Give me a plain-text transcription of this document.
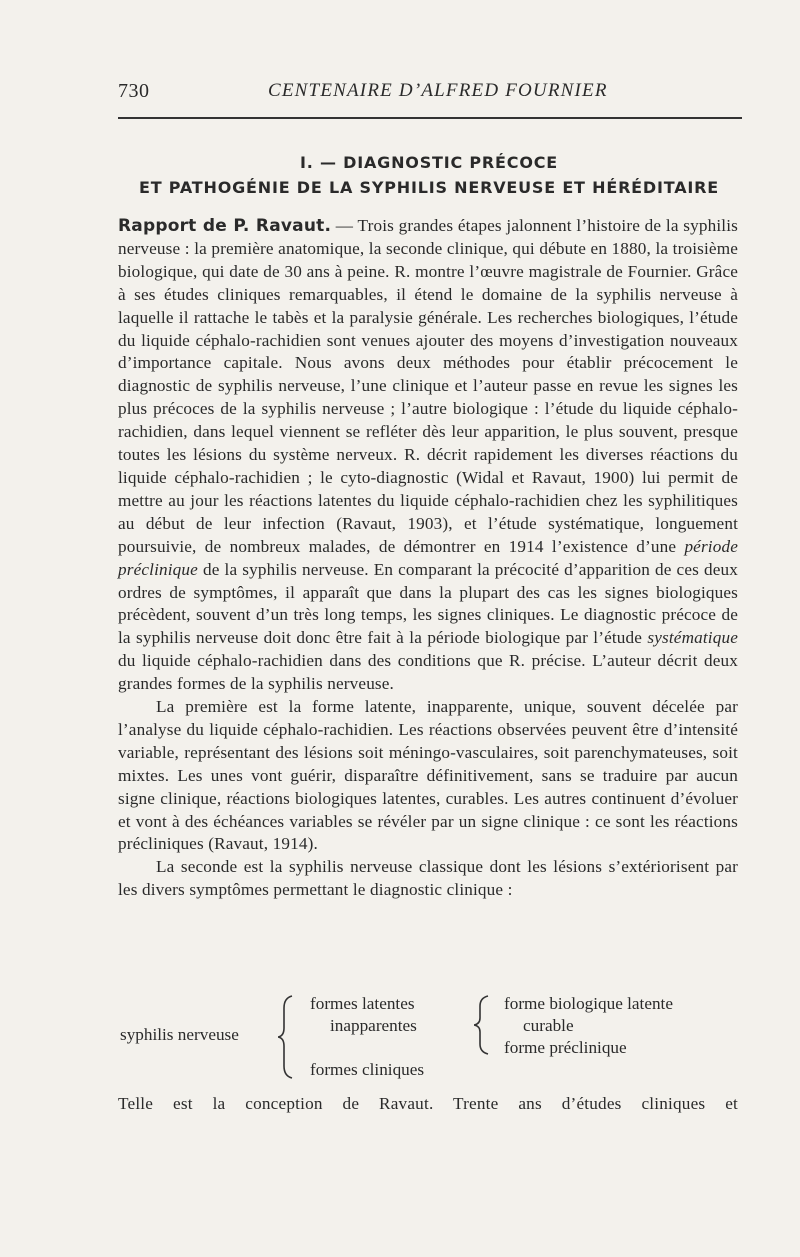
730	CENTENAIRE D’ALFRED FOURNIER
I. — DIAGNOSTIC PRÉCOCE
ET PATHOGÉNIE DE LA SYPHILIS NERVEUSE ET HÉRÉDITAIRE

Rapport de P. Ravaut. — Trois grandes étapes jalonnent l’histoire de la syphilis nerveuse : la première anatomique, la seconde clinique, qui débute en 1880, la troisième biologique, qui date de 30 ans à peine. R. montre l’œuvre magistrale de Fournier. Grâce à ses études cliniques remarquables, il étend le domaine de la syphilis nerveuse à laquelle il rattache le tabès et la paralysie générale. Les recherches biologiques, l’étude du liquide céphalo-rachidien sont venues ajouter des moyens d’investigation nouveaux d’importance capitale. Nous avons deux méthodes pour établir précocement le diagnostic de syphilis nerveuse, l’une clinique et l’auteur passe en revue les signes les plus précoces de la syphilis nerveuse ; l’autre biologique : l’étude du liquide céphalo-rachidien, dans lequel viennent se refléter dès leur apparition, le plus souvent, presque toutes les lésions du système nerveux. R. décrit rapidement les diverses réactions du liquide céphalo-rachidien ; le cyto-diagnostic (Widal et Ravaut, 1900) lui permit de mettre au jour les réactions latentes du liquide céphalo-rachidien chez les syphilitiques au début de leur infection (Ravaut, 1903), et l’étude systématique, longuement poursuivie, de nombreux malades, de démontrer en 1914 l’existence d’une période préclinique de la syphilis nerveuse. En comparant la précocité d’apparition de ces deux ordres de symptômes, il apparaît que dans la plupart des cas les signes biologiques précèdent, souvent d’un très long temps, les signes cliniques. Le diagnostic précoce de la syphilis nerveuse doit donc être fait à la période biologique par l’étude systématique du liquide céphalo-rachidien dans des conditions que R. précise. L’auteur décrit deux grandes formes de la syphilis nerveuse.

La première est la forme latente, inapparente, unique, souvent décelée par l’analyse du liquide céphalo-rachidien. Les réactions observées peuvent être d’intensité variable, représentant des lésions soit méningo-vasculaires, soit parenchymateuses, soit mixtes. Les unes vont guérir, disparaître définitivement, sans se traduire par aucun signe clinique, réactions biologiques latentes, curables. Les autres continuent d’évoluer et vont à des échéances variables se révéler par un signe clinique : ce sont les réactions précliniques (Ravaut, 1914).

La seconde est la syphilis nerveuse classique dont les lésions s’extériorisent par les divers symptômes permettant le diagnostic clinique :

syphilis nerveuse
formes latentes
inapparentes
formes cliniques
forme biologique latente
curable
forme préclinique
Telle est la conception de Ravaut. Trente ans d’études cliniques et
